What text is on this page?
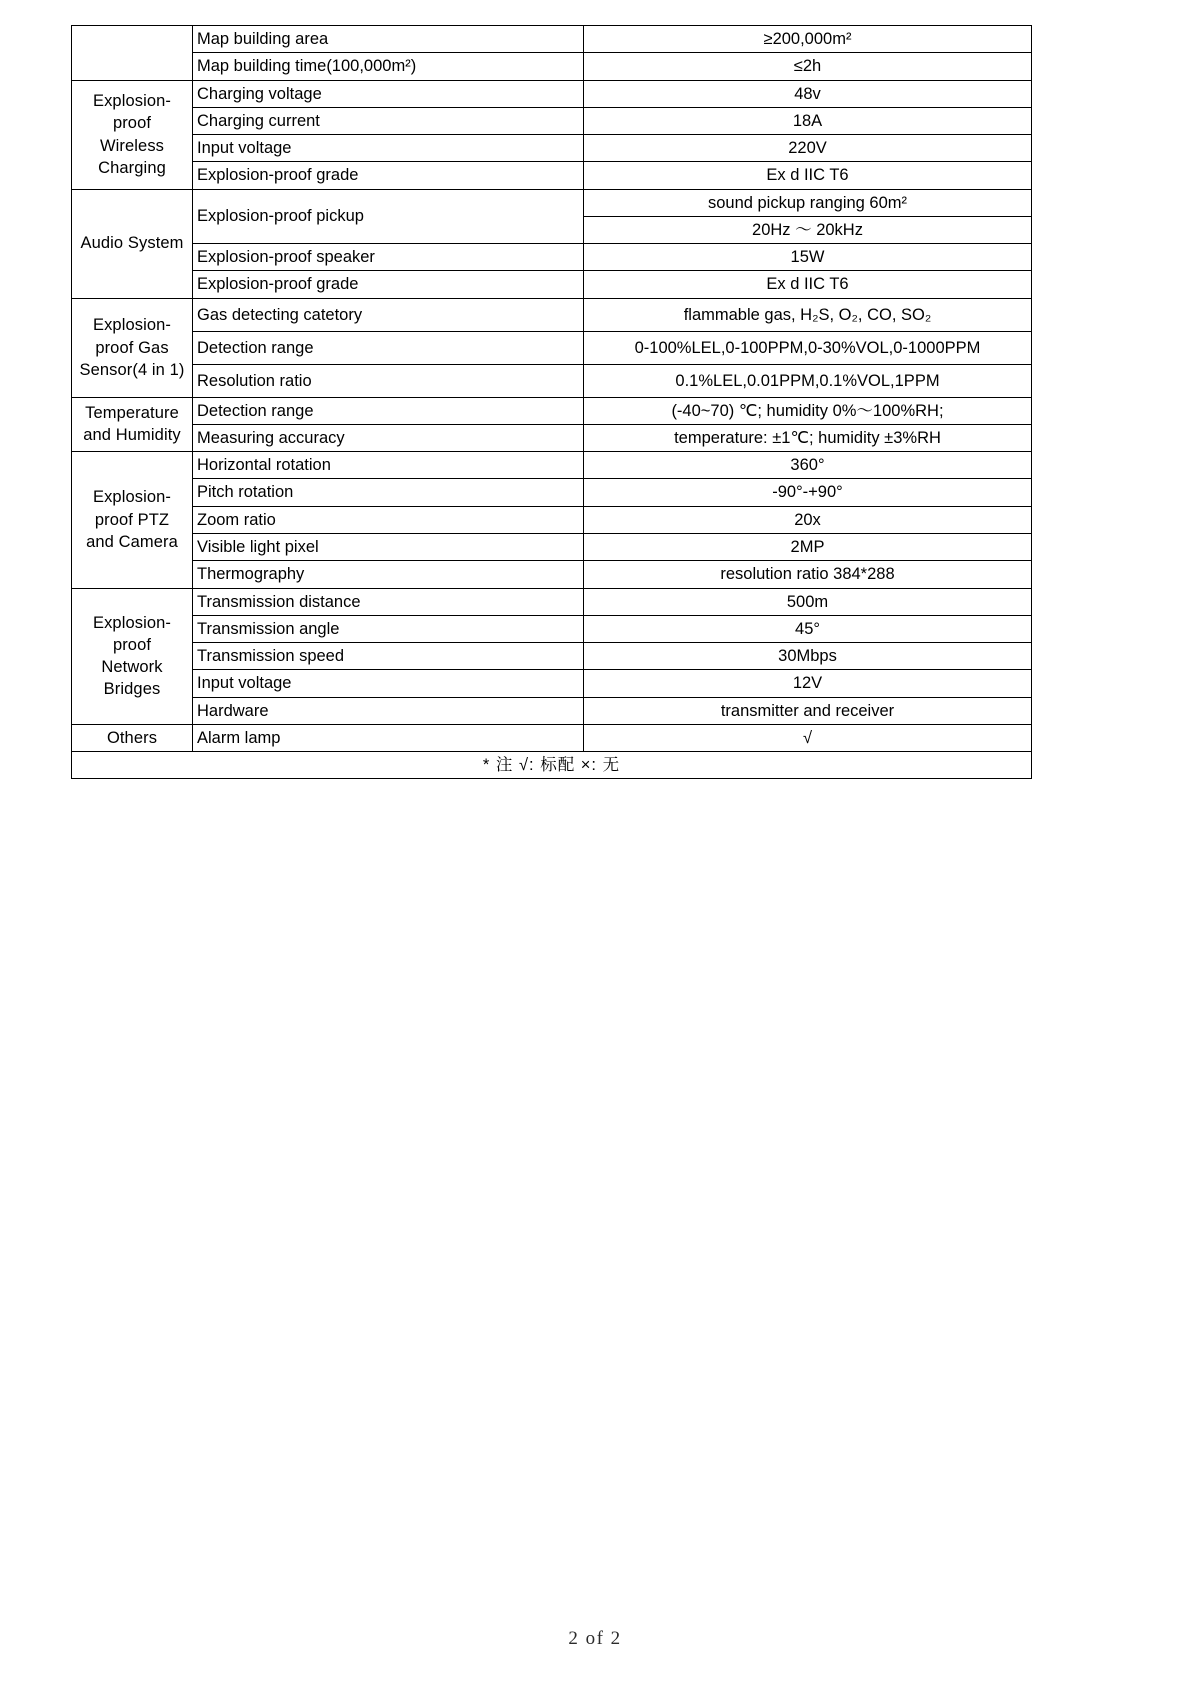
	Map building area	≥200,000m²
	Map building time(100,000m²)	≤2h

Explosion-
proof
Wireless
Charging	Charging voltage	48v
	Charging current	18A
	Input voltage	220V
	Explosion-proof grade	Ex d IIC T6

Audio System	Explosion-proof pickup	sound pickup ranging 60m²
		20Hz ～ 20kHz
	Explosion-proof speaker	15W
	Explosion-proof grade	Ex d IIC T6

Explosion-
proof Gas
Sensor(4 in 1)	Gas detecting catetory	flammable gas, H₂S, O₂, CO, SO₂
	Detection range	0-100%LEL,0-100PPM,0-30%VOL,0-1000PPM
	Resolution ratio	0.1%LEL,0.01PPM,0.1%VOL,1PPM

Temperature
and Humidity	Detection range	(-40~70) ℃; humidity 0%～100%RH;
	Measuring accuracy	temperature: ±1℃; humidity ±3%RH

Explosion-
proof PTZ
and Camera	Horizontal rotation	360°
	Pitch rotation	-90°-+90°
	Zoom ratio	20x
	Visible light pixel	2MP
	Thermography	resolution ratio 384*288

Explosion-
proof
Network
Bridges	Transmission distance	500m
	Transmission angle	45°
	Transmission speed	30Mbps
	Input voltage	12V
	Hardware	transmitter and receiver

Others	Alarm lamp	√
* 注 √: 标配 ×: 无		
2 of 2
